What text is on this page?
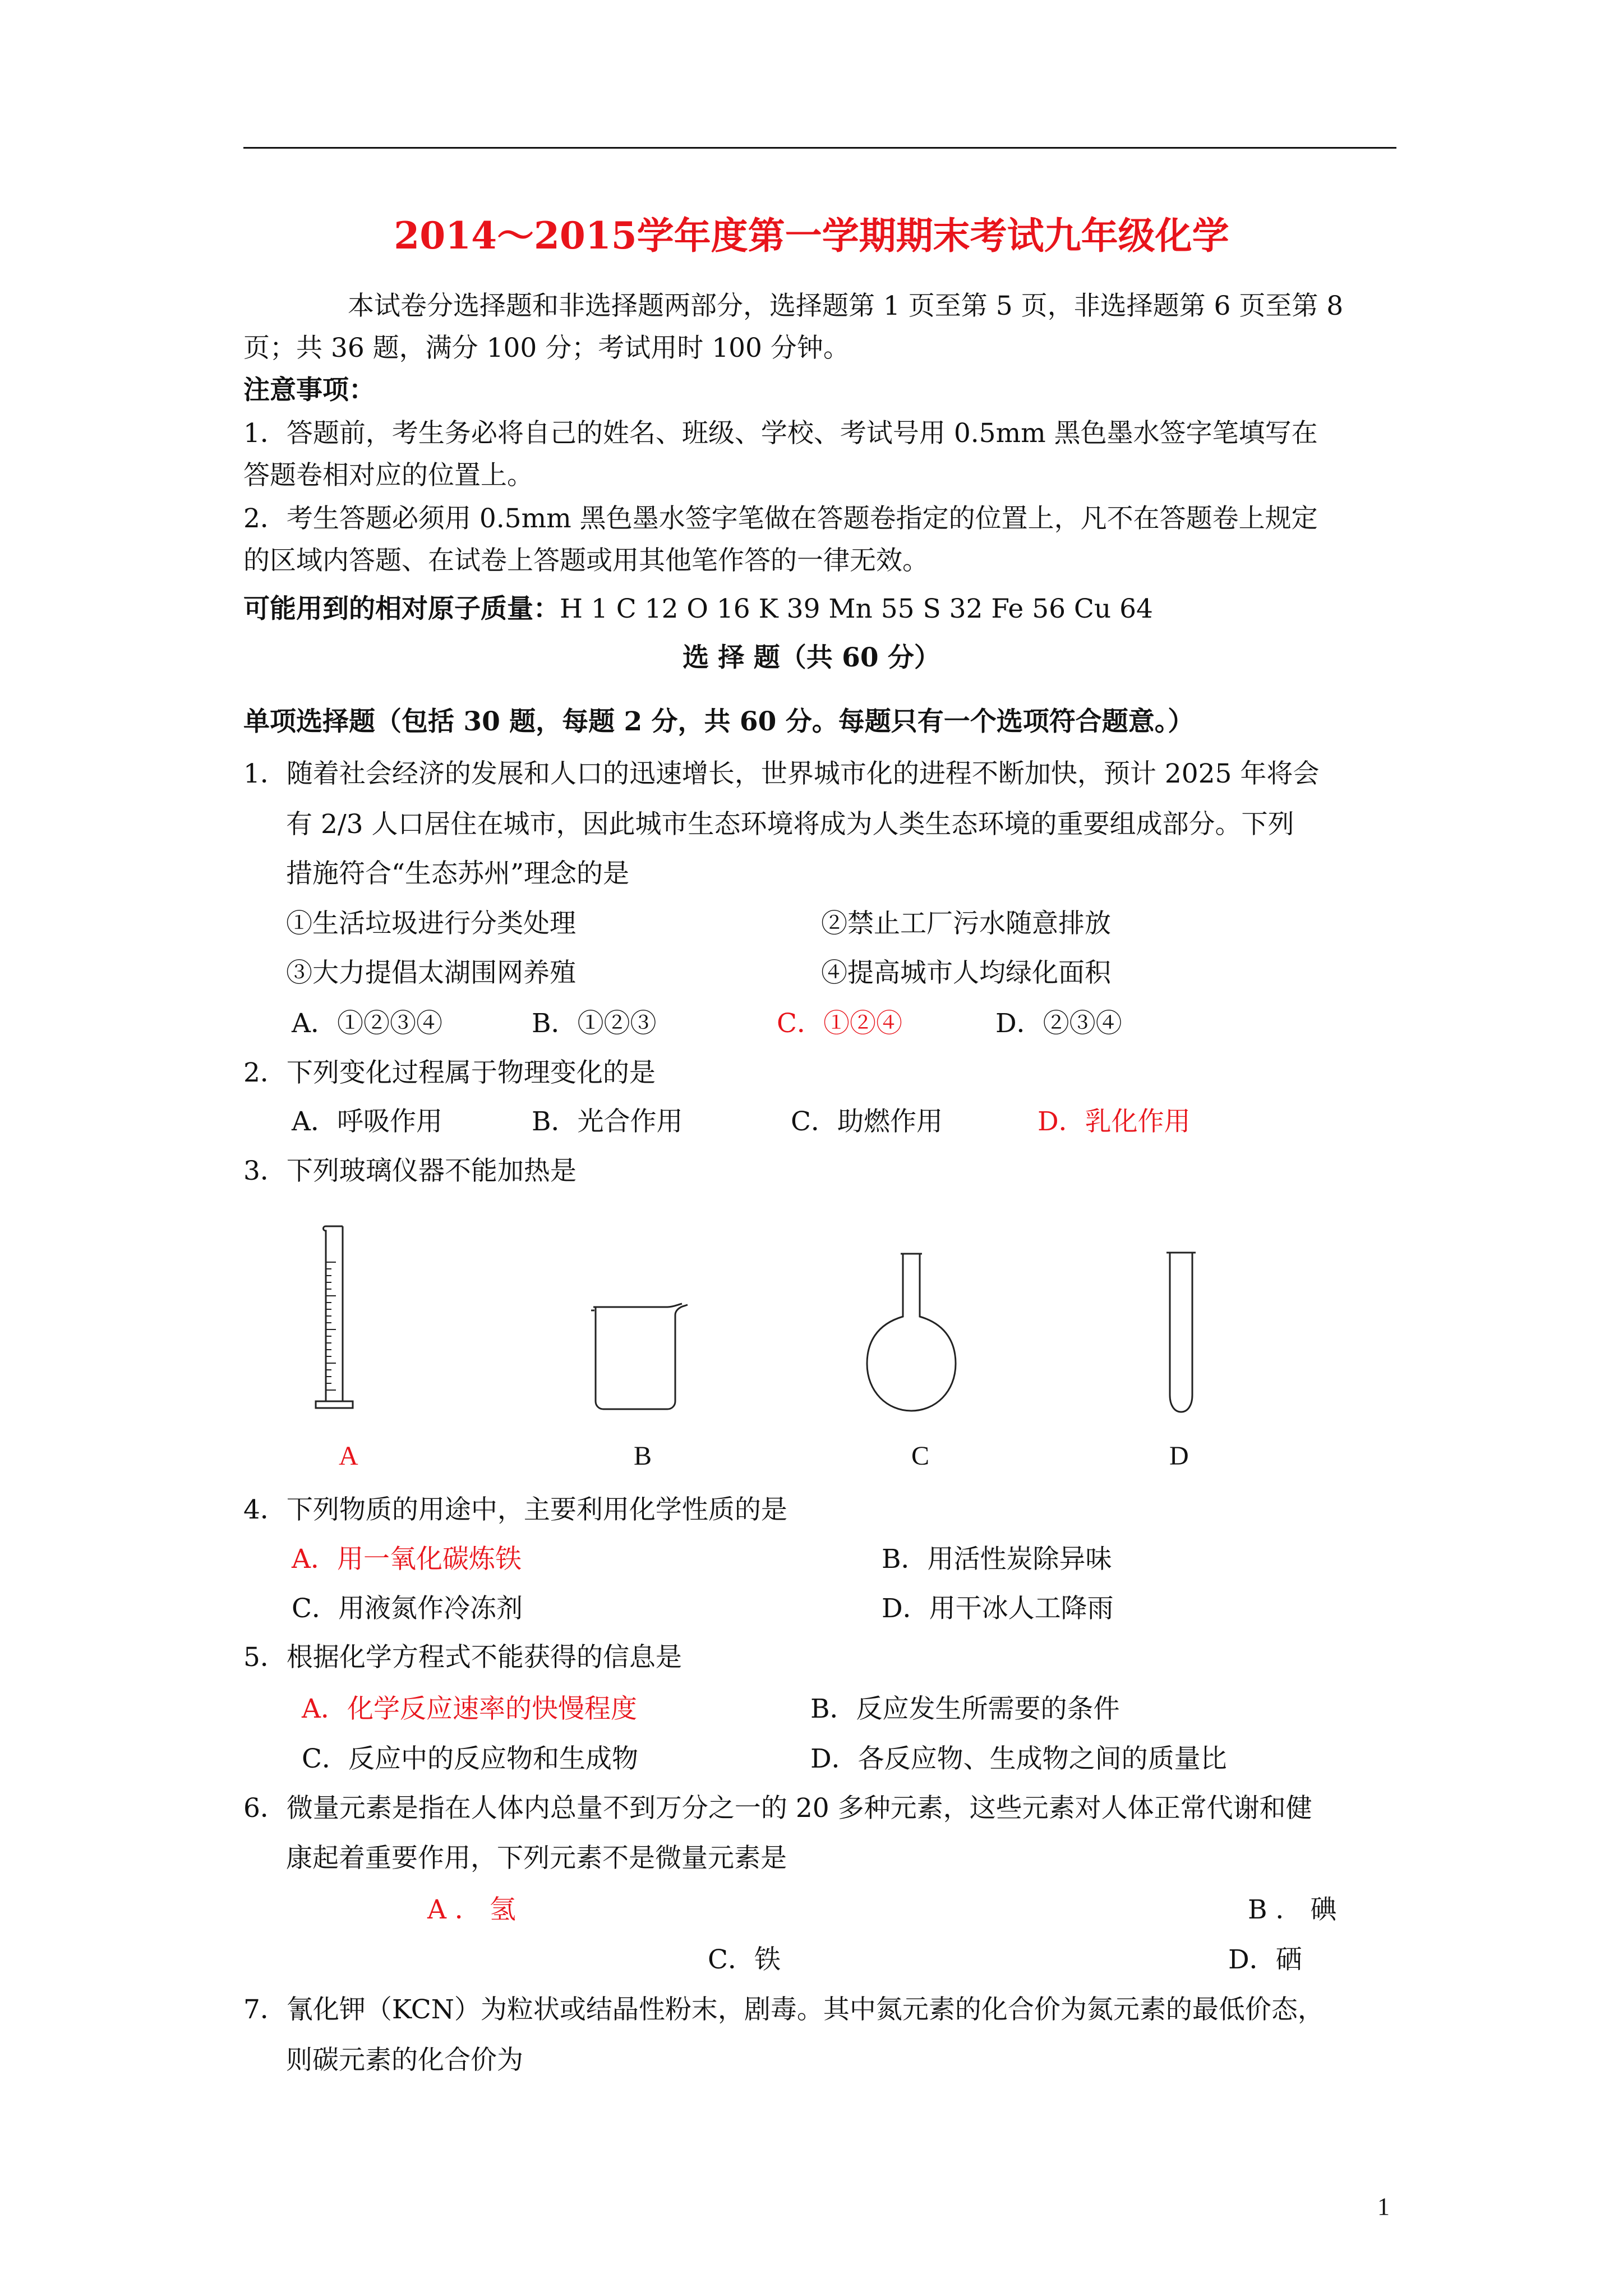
2014～2015学年度第一学期期末考试九年级化学
本试卷分选择题和非选择题两部分，选择题第 1 页至第 5 页，非选择题第 6 页至第 8
页；共 36 题，满分 100 分；考试用时 100 分钟。
注意事项：
1．答题前，考生务必将自己的姓名、班级、学校、考试号用 0.5mm 黑色墨水签字笔填写在
答题卷相对应的位置上。
2．考生答题必须用 0.5mm 黑色墨水签字笔做在答题卷指定的位置上，凡不在答题卷上规定
的区域内答题、在试卷上答题或用其他笔作答的一律无效。
可能用到的相对原子质量：H 1 C 12 O 16 K 39 Mn 55 S 32 Fe 56 Cu 64
选 择 题（共 60 分）
单项选择题（包括 30 题，每题 2 分，共 60 分。每题只有一个选项符合题意。）
1．随着社会经济的发展和人口的迅速增长，世界城市化的进程不断加快，预计 2025 年将会
有 2/3 人口居住在城市，因此城市生态环境将成为人类生态环境的重要组成部分。下列
措施符合“生态苏州”理念的是
①生活垃圾进行分类处理	②禁止工厂污水随意排放
③大力提倡太湖围网养殖	④提高城市人均绿化面积
A．①②③④	B．①②③	C．①②④	D．②③④
2．下列变化过程属于物理变化的是
A．呼吸作用	B．光合作用	C．助燃作用	D．乳化作用
3．下列玻璃仪器不能加热是
A	B	C	D
4．下列物质的用途中，主要利用化学性质的是
A．用一氧化碳炼铁	B．用活性炭除异味
C．用液氮作冷冻剂	D．用干冰人工降雨
5．根据化学方程式不能获得的信息是
A．化学反应速率的快慢程度	B．反应发生所需要的条件
C．反应中的反应物和生成物	D．各反应物、生成物之间的质量比
6．微量元素是指在人体内总量不到万分之一的 20 多种元素，这些元素对人体正常代谢和健
康起着重要作用，下列元素不是微量元素是
A ． 氢	B ． 碘
C．铁	D．硒
7．氰化钾（KCN）为粒状或结晶性粉末，剧毒。其中氮元素的化合价为氮元素的最低价态，
则碳元素的化合价为
1
